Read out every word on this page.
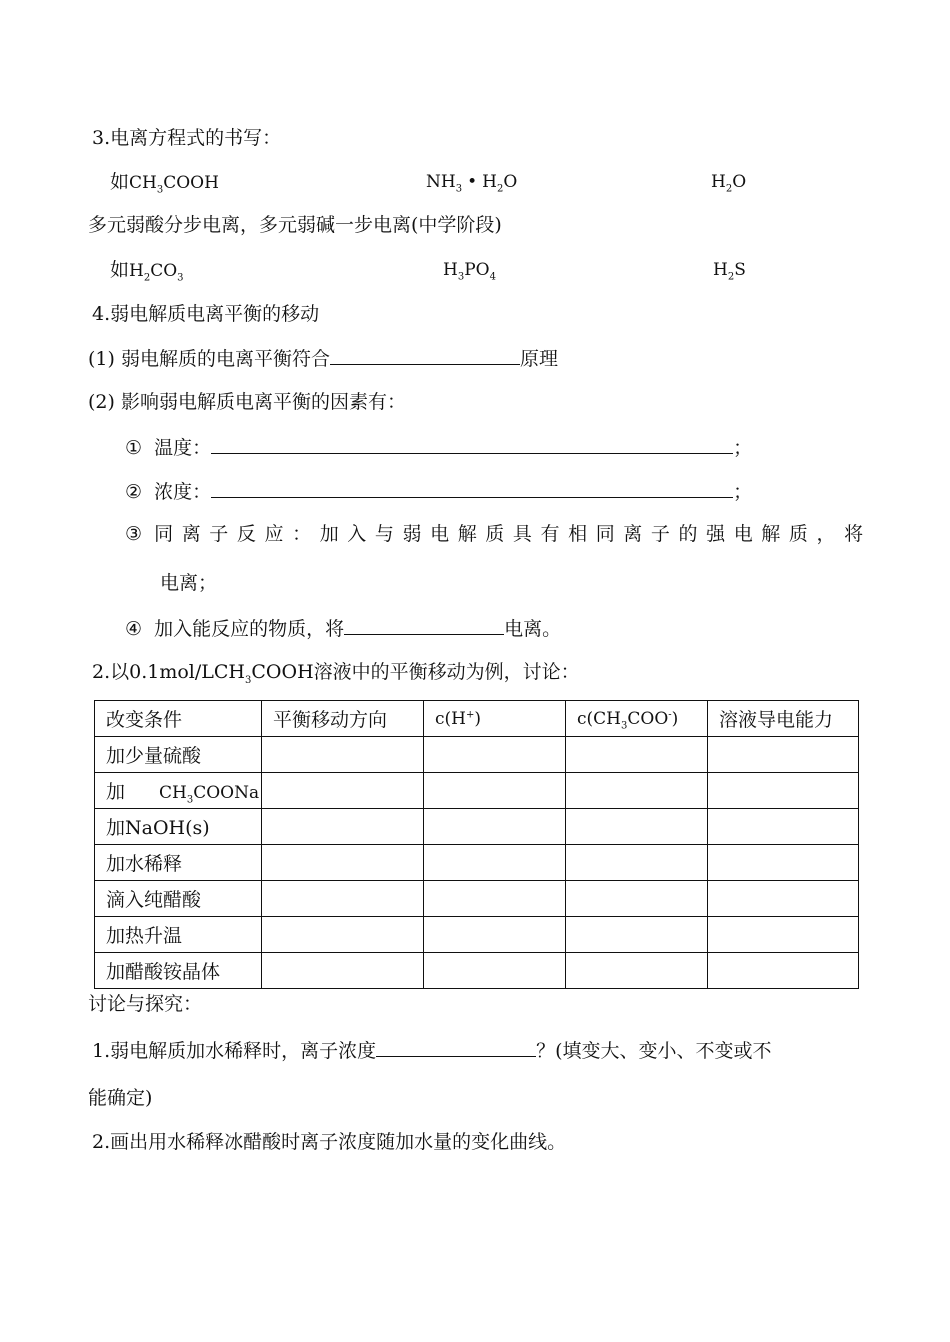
3.电离方程式的书写：
如$CH_3COOH$	$NH_3$ • $H_2O$	$H_2O$
多元弱酸分步电离，多元弱碱一步电离(中学阶段)
如$H_2CO_3$	$H_3PO_4$	$H_2S$
4.弱电解质电离平衡的移动
(1) 弱电解质的电离平衡符合	原理
(2) 影响弱电解质电离平衡的因素有：
① 温度：	；
② 浓度：	；
③ 同离子反应：加入与弱电解质具有相同离子的强电解质，将
电离；
④ 加入能反应的物质，将	电离。
2.以$0.1mol/LCH_3COOH$溶液中的平衡移动为例，讨论：
改变条件	平衡移动方向	c(H+)	$c(CH_3COO^-)$	溶液导电能力
加少量硫酸				
加 $CH_3COONa$				
加NaOH(s)				
加水稀释				
滴入纯醋酸				
加热升温				
加醋酸铵晶体				
讨论与探究：
1.弱电解质加水稀释时，离子浓度	？(填变大、变小、不变或不
能确定)
2.画出用水稀释冰醋酸时离子浓度随加水量的变化曲线。
